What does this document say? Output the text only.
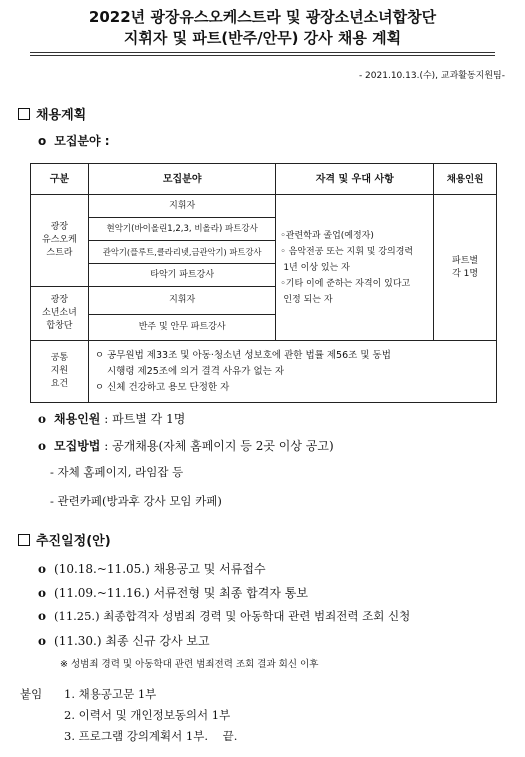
2022년 광장유스오케스트라 및 광장소년소녀합창단
지휘자 및 파트(반주/안무) 강사 채용 계획
- 2021.10.13.(수), 교과활동지원팀-
채용계획
o 모집분야 :
구분	모집분야	자격 및 우대 사항	채용인원
광장
유스오케
스트라	지휘자	◦관련학과 졸업(예정자)
◦ 음악전공 또는 지휘 및 강의경력
1년 이상 있는 자
◦기타 이에 준하는 자격이 있다고
인정 되는 자	파트별
각 1명
	현악기(바이올린1,2,3, 비올라) 파트강사		
	관악기(플루트,클라리넷,금관악기) 파트강사		
	타악기 파트강사		
광장
소년소녀
합창단	지휘자		
	반주 및 안무 파트강사		
공통
지원
요건	ㅇ 공무원법 제33조 및 아동·청소년 성보호에 관한 법률 제56조 및 동법
시행령 제25조에 의거 결격 사유가 없는 자
ㅇ 신체 건강하고 용모 단정한 자		
o 채용인원 : 파트별 각 1명
o 모집방법 : 공개채용(자체 홈페이지 등 2곳 이상 공고)
- 자체 홈페이지, 라임잡 등
- 관련카페(방과후 강사 모임 카페)
추진일정(안)
o (10.18.~11.05.) 채용공고 및 서류접수
o (11.09.~11.16.) 서류전형 및 최종 합격자 통보
o (11.25.) 최종합격자 성범죄 경력 및 아동학대 관련 범죄전력 조회 신청
o (11.30.) 최종 신규 강사 보고
※ 성범죄 경력 및 아동학대 관련 범죄전력 조회 결과 회신 이후
붙임 1. 채용공고문 1부
2. 이력서 및 개인정보동의서 1부
3. 프로그램 강의계획서 1부.    끝.
